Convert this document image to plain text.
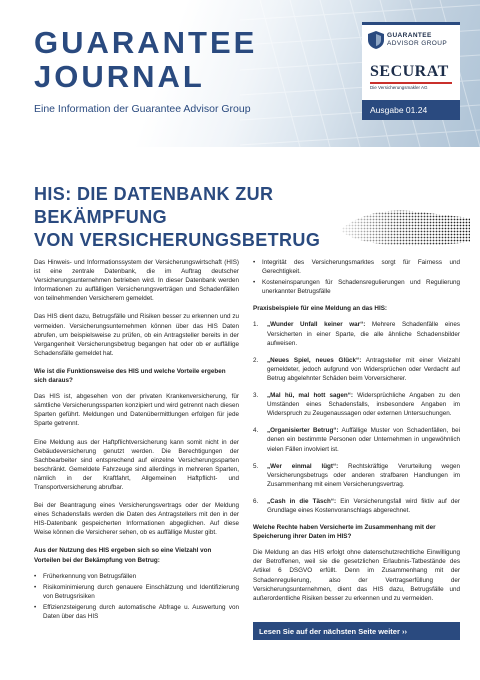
GUARANTEE
JOURNAL
Eine Information der Guarantee Advisor Group
GUARANTEE
ADVISOR GROUP
SECURAT
Die Versicherungsmakler AG
Ausgabe 01.24
HIS: DIE DATENBANK ZUR BEKÄMPFUNG
VON VERSICHERUNGSBETRUG

Das Hinweis- und Informationssystem der Versicherungswirtschaft (HIS) ist eine zentrale Datenbank, die im Auftrag deutscher Versicherungsunternehmen betrieben wird. In dieser Datenbank werden Informationen zu auffälligen Versicherungsverträgen und Schadenfällen von teilnehmenden Versicherern gemeldet.

Das HIS dient dazu, Betrugsfälle und Risiken besser zu erkennen und zu vermeiden. Versicherungsunternehmen können über das HIS Daten abrufen, um beispielsweise zu prüfen, ob ein Antragsteller bereits in der Vergangenheit Versicherungsbetrug begangen hat oder ob er auffällige Schadensfälle gemeldet hat.

Wie ist die Funktionsweise des HIS und welche Vorteile ergeben sich daraus?

Das HIS ist, abgesehen von der privaten Krankenversicherung, für sämtliche Versicherungssparten konzipiert und wird getrennt nach diesen Sparten geführt. Meldungen und Datenübermittlungen erfolgen für jede Sparte getrennt.

Eine Meldung aus der Haftpflichtversicherung kann somit nicht in der Gebäudeversicherung genutzt werden. Die Berechtigungen der Sachbearbeiter sind entsprechend auf einzelne Versicherungssparten beschränkt. Gemeldete Fahrzeuge sind allerdings in mehreren Sparten, nämlich in der Kraftfahrt, Allgemeinen Haftpflicht- und Transportversicherung abrufbar.

Bei der Beantragung eines Versicherungsvertrags oder der Meldung eines Schadensfalls werden die Daten des Antragstellers mit den in der HIS-Datenbank gespeicherten Informationen abgeglichen. Auf diese Weise können die Versicherer sehen, ob es auffällige Muster gibt.

Aus der Nutzung des HIS ergeben sich so eine Vielzahl von Vorteilen bei der Bekämpfung von Betrug:

• Früherkennung von Betrugsfällen
• Risikominimierung durch genauere Einschätzung und Identifizierung von Betrugsrisiken
• Effizienzsteigerung durch automatische Abfrage u. Auswertung von Daten über das HIS
• Integrität des Versicherungsmarktes sorgt für Fairness und Gerechtigkeit.
• Kosteneinsparungen für Schadensregulierungen und Regulierung unerkannter Betrugsfälle

Praxisbeispiele für eine Meldung an das HIS:

1. „Wunder Unfall keiner war“: Mehrere Schadenfälle eines Versicherten in einer Sparte, die alle ähnliche Schadensbilder aufweisen.
2. „Neues Spiel, neues Glück“: Antragsteller mit einer Vielzahl gemeldeter, jedoch aufgrund von Widersprüchen oder Verdacht auf Betrug abgelehnter Schäden beim Vorversicherer.
3. „Mal hü, mal hott sagen“: Widersprüchliche Angaben zu den Umständen eines Schadensfalls, insbesondere Angaben im Widerspruch zu Zeugenaussagen oder externen Untersuchungen.
4. „Organisierter Betrug“: Auffällige Muster von Schadenfällen, bei denen ein bestimmte Personen oder Unternehmen in ungewöhnlich vielen Fällen involviert ist.
5. „Wer einmal lügt“: Rechtskräftige Verurteilung wegen Versicherungsbetrugs oder anderen strafbaren Handlungen im Zusammenhang mit einem Versicherungsvertrag.
6. „Cash in die Täsch“: Ein Versicherungsfall wird fiktiv auf der Grundlage eines Kostenvoranschlags abgerechnet.

Welche Rechte haben Versicherte im Zusammenhang mit der Speicherung ihrer Daten im HIS?

Die Meldung an das HIS erfolgt ohne datenschutzrechtliche Einwilligung der Betroffenen, weil sie die gesetzlichen Erlaubnis-Tatbestände des Artikel 6 DSGVO erfüllt. Denn im Zusammenhang mit der Schadenregulierung, also der Vertragserfüllung der Versicherungsunternehmen, dient das HIS dazu, Betrugsfälle und außerordentliche Risiken besser zu erkennen und zu vermeiden.

Lesen Sie auf der nächsten Seite weiter ››
